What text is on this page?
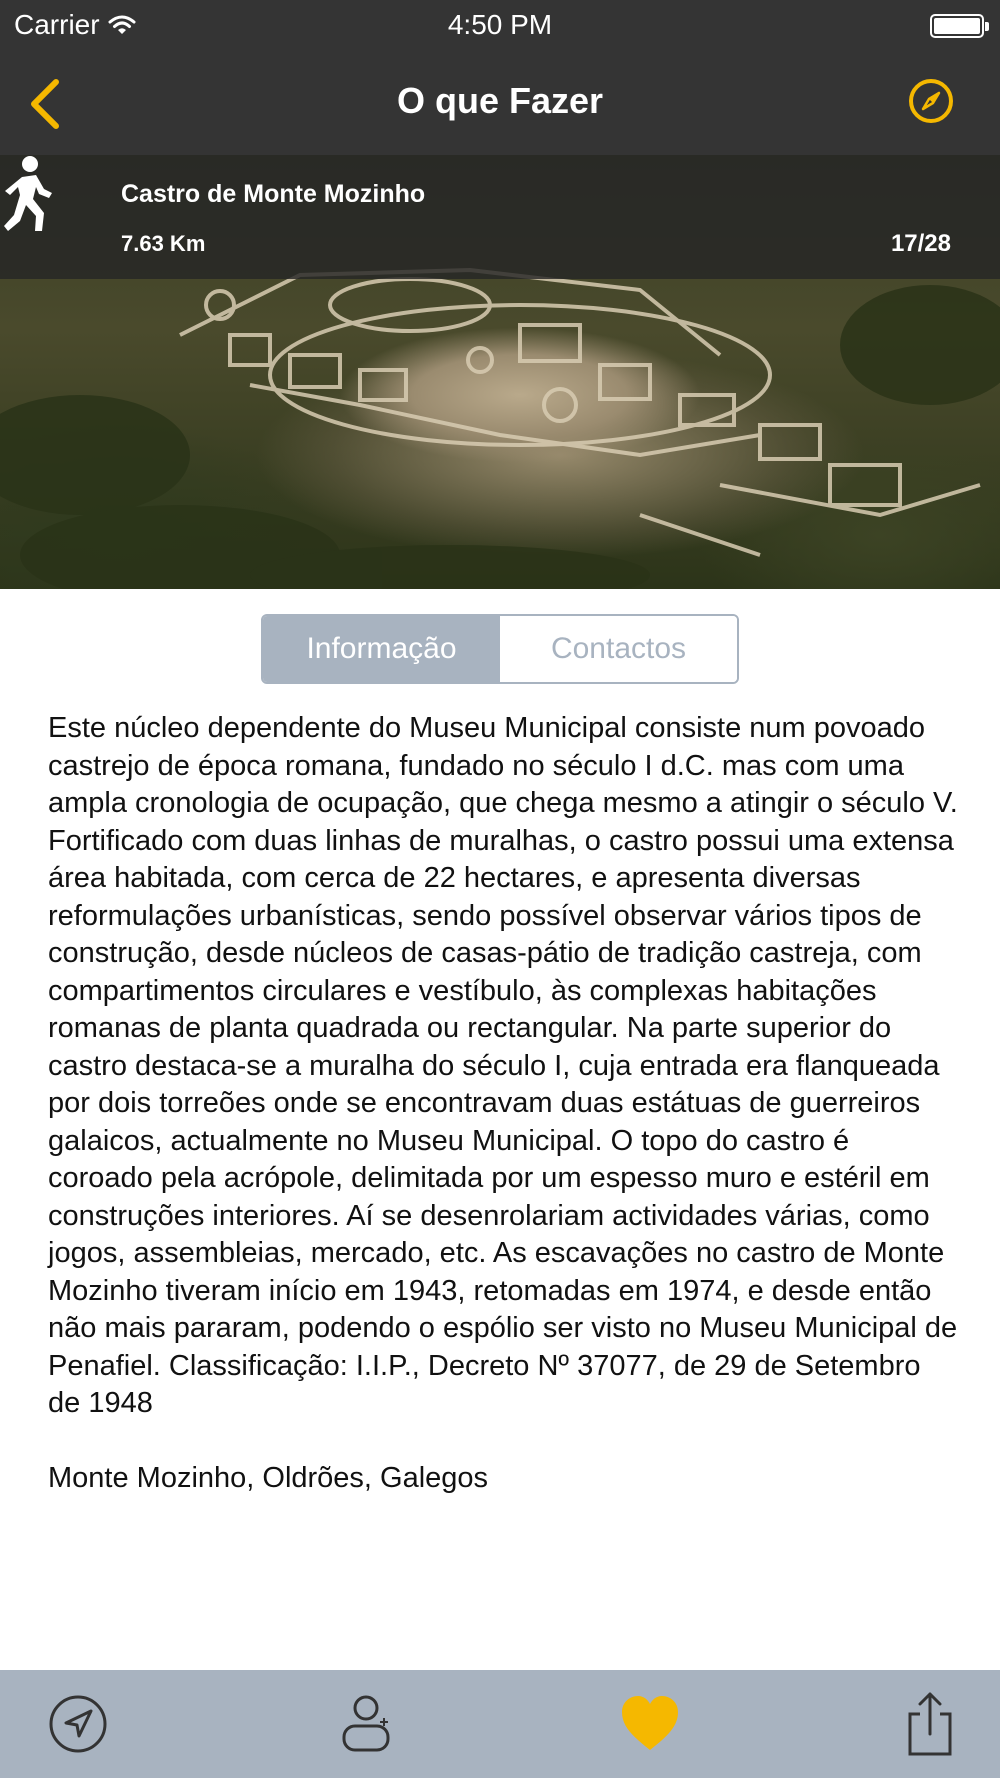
Carrier	4:50 PM
O que Fazer
Castro de Monte Mozinho
7.63 Km	17/28
Informação	Contactos

Este núcleo dependente do Museu Municipal consiste num povoado castrejo de época romana, fundado no século I d.C. mas com uma ampla cronologia de ocupação, que chega mesmo a atingir o século V. Fortificado com duas linhas de muralhas, o castro possui uma extensa área habitada, com cerca de 22 hectares, e apresenta diversas reformulações urbanísticas, sendo possível observar vários tipos de construção, desde núcleos de casas-pátio de tradição castreja, com compartimentos circulares e vestíbulo, às complexas habitações romanas de planta quadrada ou rectangular. Na parte superior do castro destaca-se a muralha do século I, cuja entrada era flanqueada por dois torreões onde se encontravam duas estátuas de guerreiros galaicos, actualmente no Museu Municipal. O topo do castro é coroado pela acrópole, delimitada por um espesso muro e estéril em construções interiores. Aí se desenrolariam actividades várias, como jogos, assembleias, mercado, etc. As escavações no castro de Monte Mozinho tiveram início em 1943, retomadas em 1974, e desde então não mais pararam, podendo o espólio ser visto no Museu Municipal de Penafiel. Classificação: I.I.P., Decreto Nº 37077, de 29 de Setembro de 1948

Monte Mozinho, Oldrões, Galegos
